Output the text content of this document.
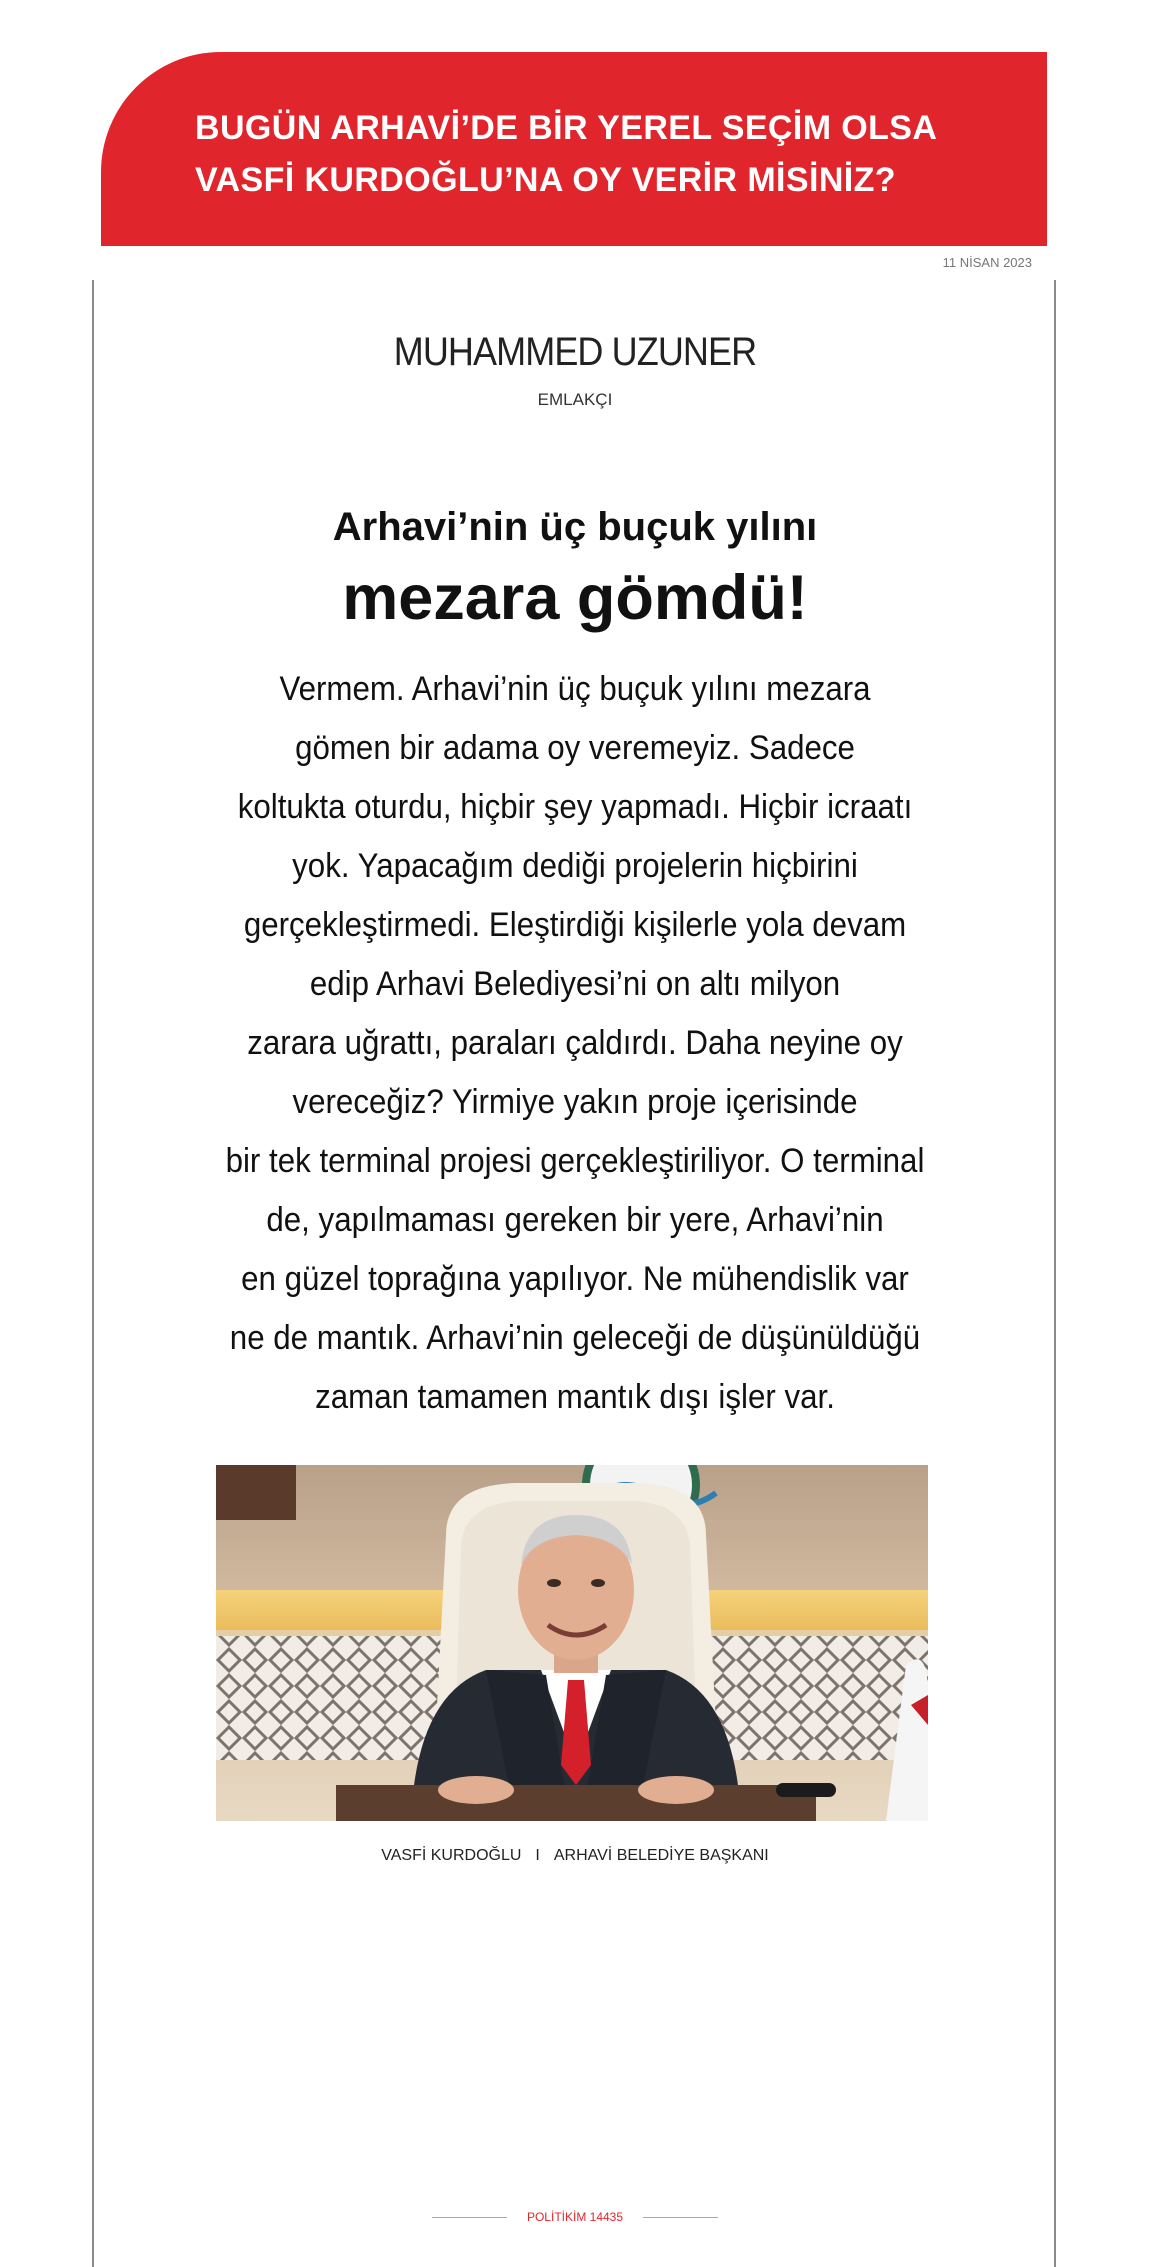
BUGÜN ARHAVİ’DE BİR YEREL SEÇİM OLSA
VASFİ KURDOĞLU’NA OY VERİR MİSİNİZ?
11 NİSAN 2023
MUHAMMED UZUNER
EMLAKÇI
Arhavi’nin üç buçuk yılını
mezara gömdü!
Vermem. Arhavi’nin üç buçuk yılını mezara
gömen bir adama oy veremeyiz. Sadece
koltukta oturdu, hiçbir şey yapmadı. Hiçbir icraatı
yok. Yapacağım dediği projelerin hiçbirini
gerçekleştirmedi. Eleştirdiği kişilerle yola devam
edip Arhavi Belediyesi’ni on altı milyon
zarara uğrattı, paraları çaldırdı. Daha neyine oy
vereceğiz? Yirmiye yakın proje içerisinde
bir tek terminal projesi gerçekleştiriliyor. O terminal
de, yapılmaması gereken bir yere, Arhavi’nin
en güzel toprağına yapılıyor. Ne mühendislik var
ne de mantık. Arhavi’nin geleceği de düşünüldüğü
zaman tamamen mantık dışı işler var.
VASFİ KURDOĞLU I ARHAVİ BELEDİYE BAŞKANI
POLİTİKİM 14435
